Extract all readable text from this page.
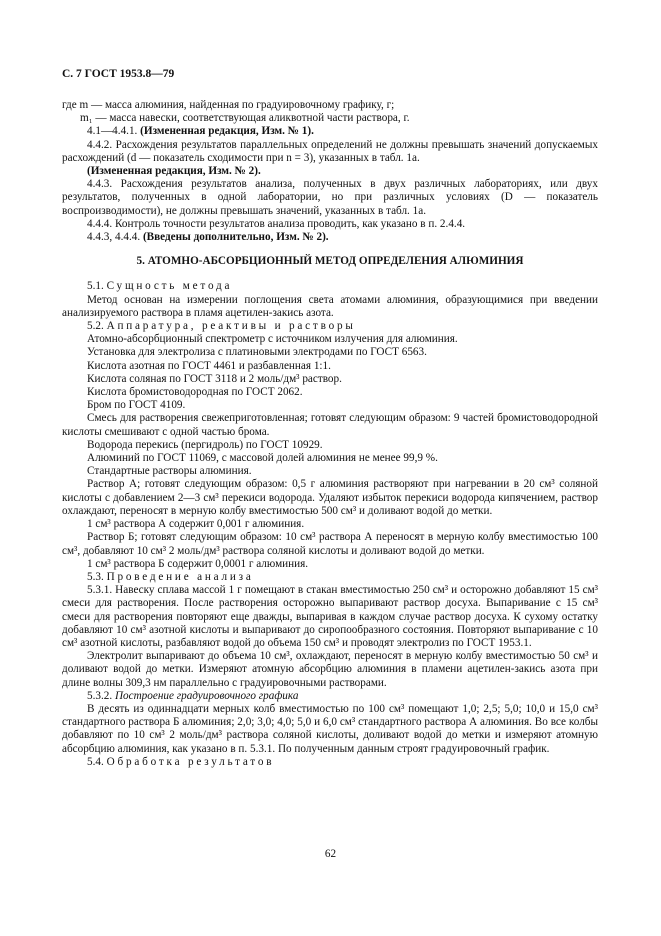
С. 7 ГОСТ 1953.8—79

где m — масса алюминия, найденная по градуировочному графику, г;

m₁ — масса навески, соответствующая аликвотной части раствора, г.

4.1—4.4.1. (Измененная редакция, Изм. № 1).

4.4.2. Расхождения результатов параллельных определений не должны превышать значений допускаемых расхождений (d — показатель сходимости при n = 3), указанных в табл. 1а.

(Измененная редакция, Изм. № 2).

4.4.3. Расхождения результатов анализа, полученных в двух различных лабораториях, или двух результатов, полученных в одной лаборатории, но при различных условиях (D — показатель воспроизводимости), не должны превышать значений, указанных в табл. 1а.

4.4.4. Контроль точности результатов анализа проводить, как указано в п. 2.4.4.

4.4.3, 4.4.4. (Введены дополнительно, Изм. № 2).

5. АТОМНО-АБСОРБЦИОННЫЙ МЕТОД ОПРЕДЕЛЕНИЯ АЛЮМИНИЯ

5.1. Сущность метода

Метод основан на измерении поглощения света атомами алюминия, образующимися при введении анализируемого раствора в пламя ацетилен-закись азота.

5.2. Аппаратура, реактивы и растворы

Атомно-абсорбционный спектрометр с источником излучения для алюминия.

Установка для электролиза с платиновыми электродами по ГОСТ 6563.

Кислота азотная по ГОСТ 4461 и разбавленная 1:1.

Кислота соляная по ГОСТ 3118 и 2 моль/дм³ раствор.

Кислота бромистоводородная по ГОСТ 2062.

Бром по ГОСТ 4109.

Смесь для растворения свежеприготовленная; готовят следующим образом: 9 частей бромистоводородной кислоты смешивают с одной частью брома.

Водорода перекись (пергидроль) по ГОСТ 10929.

Алюминий по ГОСТ 11069, с массовой долей алюминия не менее 99,9 %.

Стандартные растворы алюминия.

Раствор А; готовят следующим образом: 0,5 г алюминия растворяют при нагревании в 20 см³ соляной кислоты с добавлением 2—3 см³ перекиси водорода. Удаляют избыток перекиси водорода кипячением, раствор охлаждают, переносят в мерную колбу вместимостью 500 см³ и доливают водой до метки.

1 см³ раствора А содержит 0,001 г алюминия.

Раствор Б; готовят следующим образом: 10 см³ раствора А переносят в мерную колбу вместимостью 100 см³, добавляют 10 см³ 2 моль/дм³ раствора соляной кислоты и доливают водой до метки.

1 см³ раствора Б содержит 0,0001 г алюминия.

5.3. Проведение анализа

5.3.1. Навеску сплава массой 1 г помещают в стакан вместимостью 250 см³ и осторожно добавляют 15 см³ смеси для растворения. После растворения осторожно выпаривают раствор досуха. Выпаривание с 15 см³ смеси для растворения повторяют еще дважды, выпаривая в каждом случае раствор досуха. К сухому остатку добавляют 10 см³ азотной кислоты и выпаривают до сиропообразного состояния. Повторяют выпаривание с 10 см³ азотной кислоты, разбавляют водой до объема 150 см³ и проводят электролиз по ГОСТ 1953.1.

Электролит выпаривают до объема 10 см³, охлаждают, переносят в мерную колбу вместимостью 50 см³ и доливают водой до метки. Измеряют атомную абсорбцию алюминия в пламени ацетилен-закись азота при длине волны 309,3 нм параллельно с градуировочными растворами.

5.3.2. Построение градуировочного графика

В десять из одиннадцати мерных колб вместимостью по 100 см³ помещают 1,0; 2,5; 5,0; 10,0 и 15,0 см³ стандартного раствора Б алюминия; 2,0; 3,0; 4,0; 5,0 и 6,0 см³ стандартного раствора А алюминия. Во все колбы добавляют по 10 см³ 2 моль/дм³ раствора соляной кислоты, доливают водой до метки и измеряют атомную абсорбцию алюминия, как указано в п. 5.3.1. По полученным данным строят градуировочный график.

5.4. Обработка результатов

62
